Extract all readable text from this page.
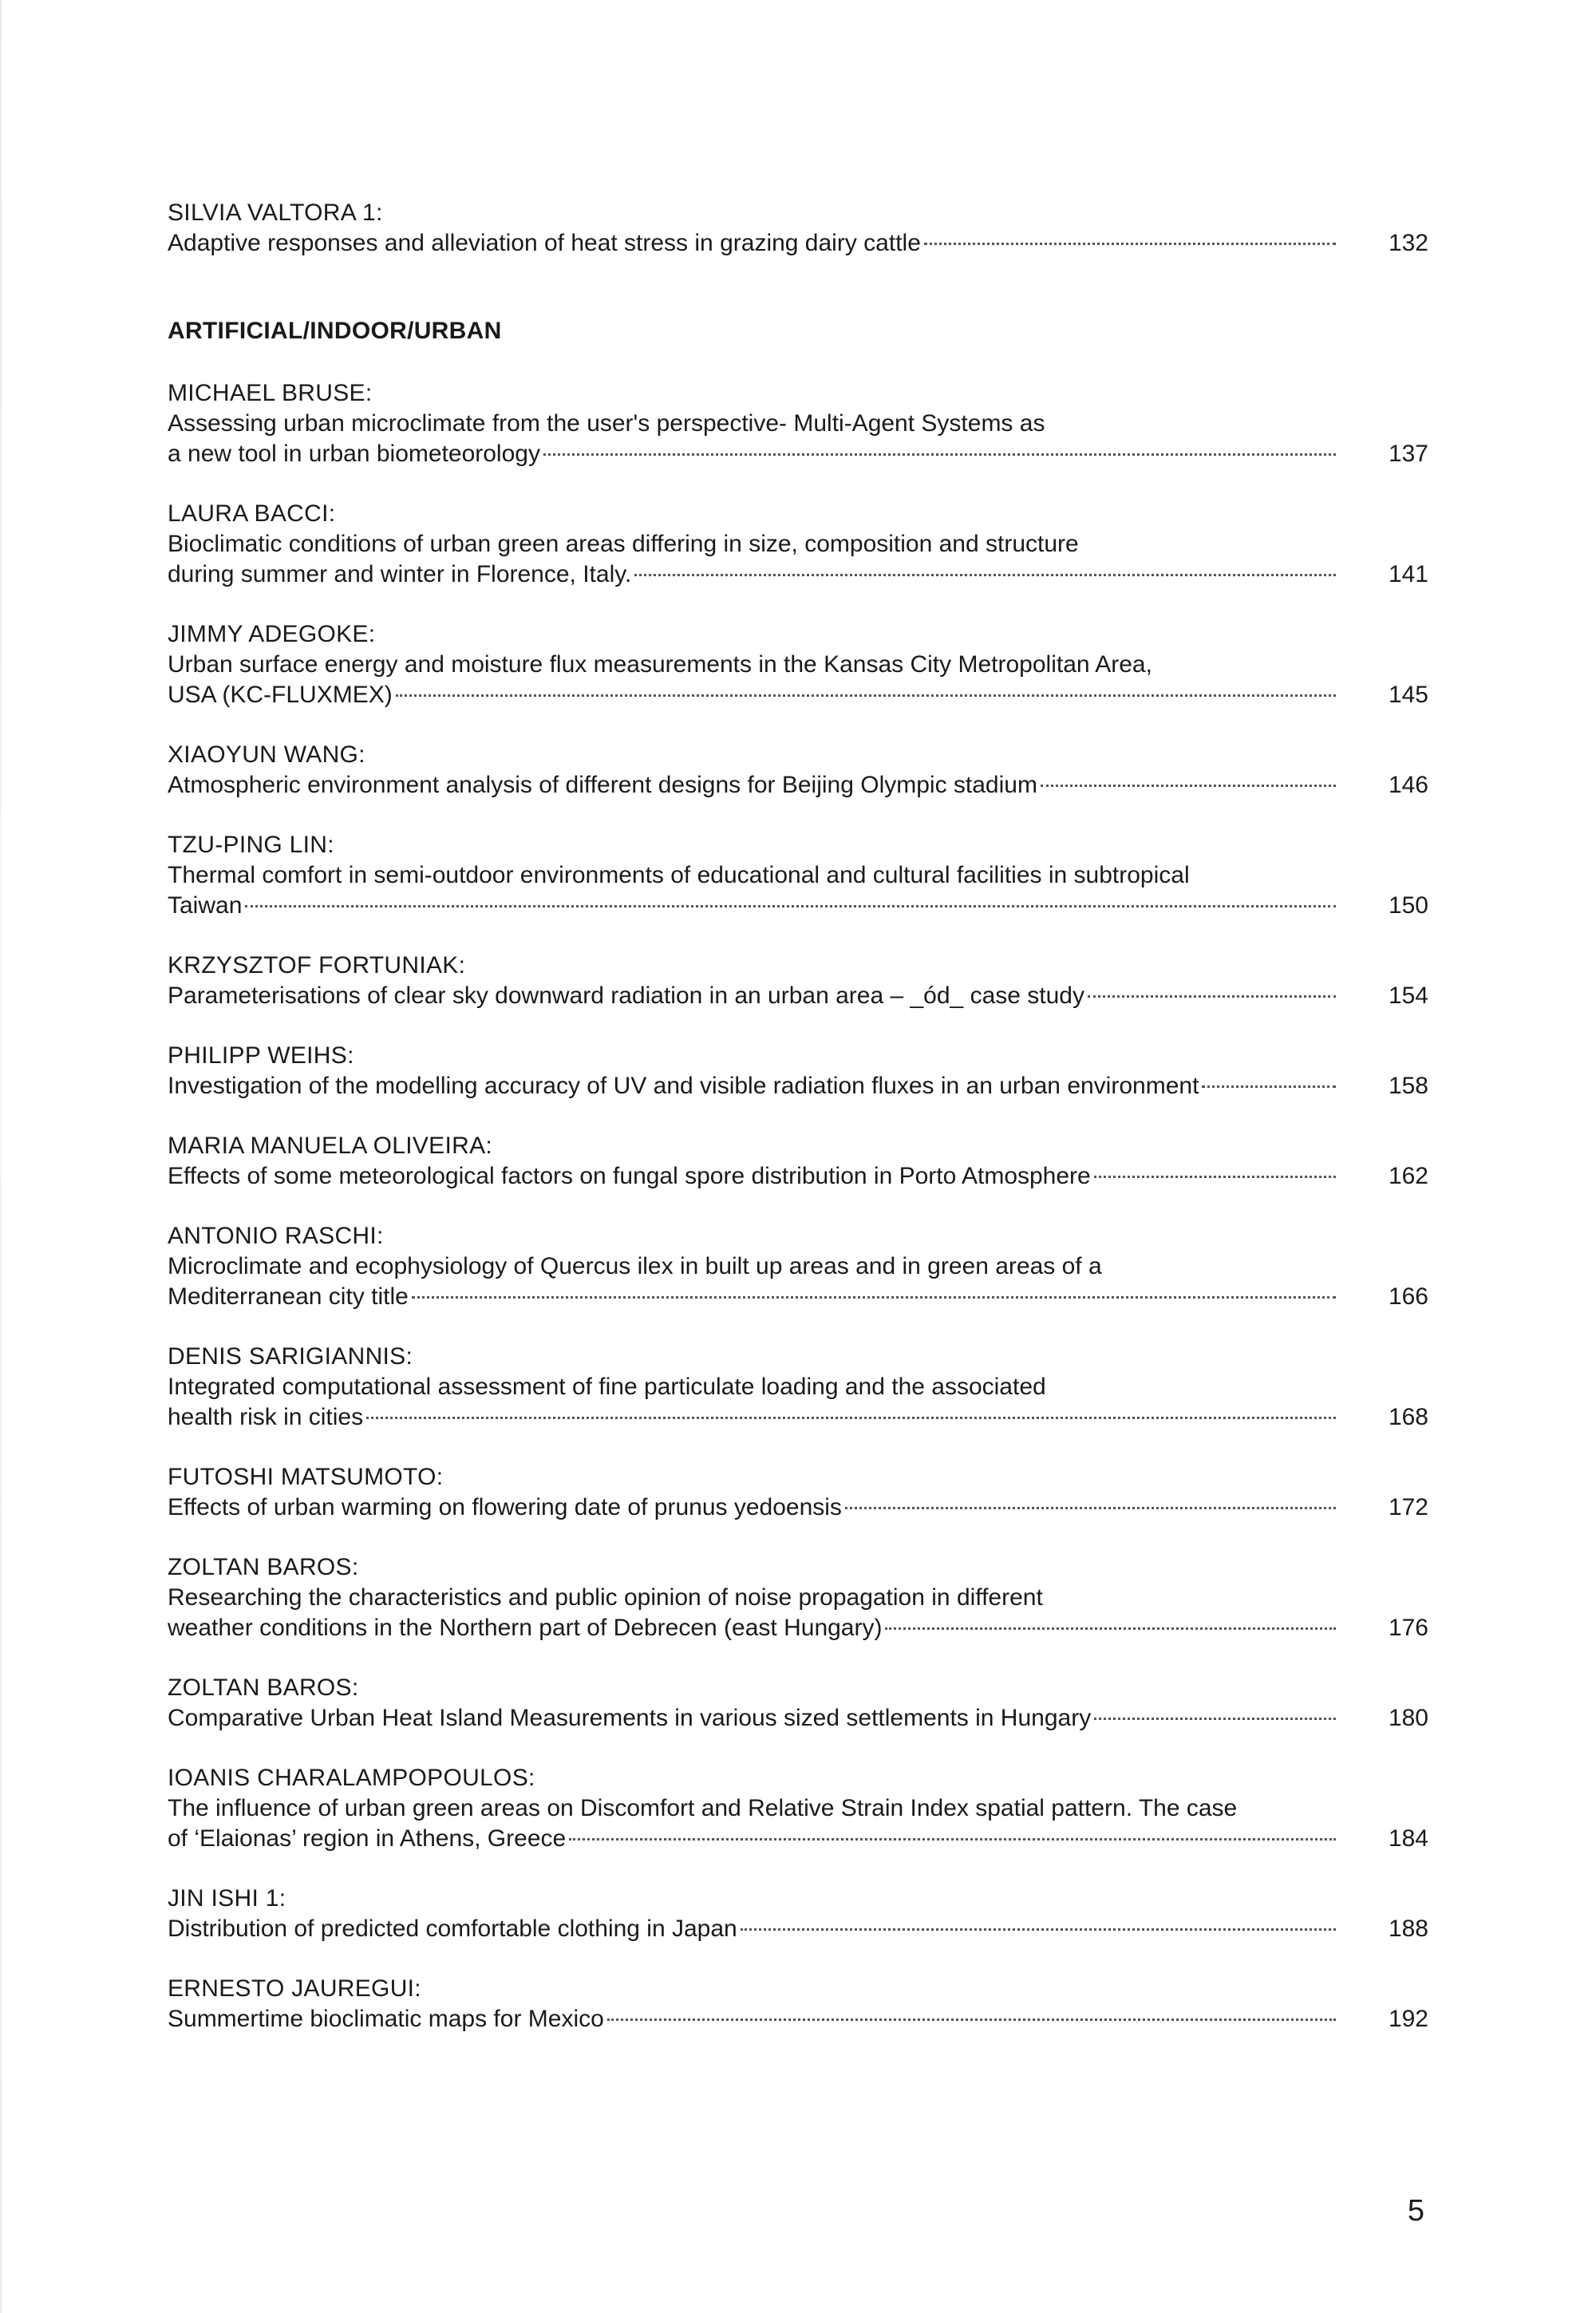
SILVIA VALTORA 1:
Adaptive responses and alleviation of heat stress in grazing dairy cattle	132
ARTIFICIAL/INDOOR/URBAN
MICHAEL BRUSE:
Assessing urban microclimate from the user's perspective- Multi-Agent Systems as
a new tool in urban biometeorology	137
LAURA BACCI:
Bioclimatic conditions of urban green areas differing in size, composition and structure
during summer and winter in Florence, Italy.	141
JIMMY ADEGOKE:
Urban surface energy and moisture flux measurements in the Kansas City Metropolitan Area,
USA (KC-FLUXMEX)	145
XIAOYUN WANG:
Atmospheric environment analysis of different designs for Beijing Olympic stadium	146
TZU-PING LIN:
Thermal comfort in semi-outdoor environments of educational and cultural facilities in subtropical
Taiwan	150
KRZYSZTOF FORTUNIAK:
Parameterisations of clear sky downward radiation in an urban area – _ód_ case study	154
PHILIPP WEIHS:
Investigation of the modelling accuracy of UV and visible radiation fluxes in an urban environment	158
MARIA MANUELA OLIVEIRA:
Effects of some meteorological factors on fungal spore distribution in Porto Atmosphere	162
ANTONIO RASCHI:
Microclimate and ecophysiology of Quercus ilex in built up areas and in green areas of a
Mediterranean city title	166
DENIS SARIGIANNIS:
Integrated computational assessment of fine particulate loading and the associated
health risk in cities	168
FUTOSHI MATSUMOTO:
Effects of urban warming on flowering date of prunus yedoensis	172
ZOLTAN BAROS:
Researching the characteristics and public opinion of noise propagation in different
weather conditions in the Northern part of Debrecen (east Hungary)	176
ZOLTAN BAROS:
Comparative Urban Heat Island Measurements in various sized settlements in Hungary	180
IOANIS CHARALAMPOPOULOS:
The influence of urban green areas on Discomfort and Relative Strain Index spatial pattern. The case
of ‘Elaionas’ region in Athens, Greece	184
JIN ISHI 1:
Distribution of predicted comfortable clothing in Japan	188
ERNESTO JAUREGUI:
Summertime bioclimatic maps for Mexico	192
5
